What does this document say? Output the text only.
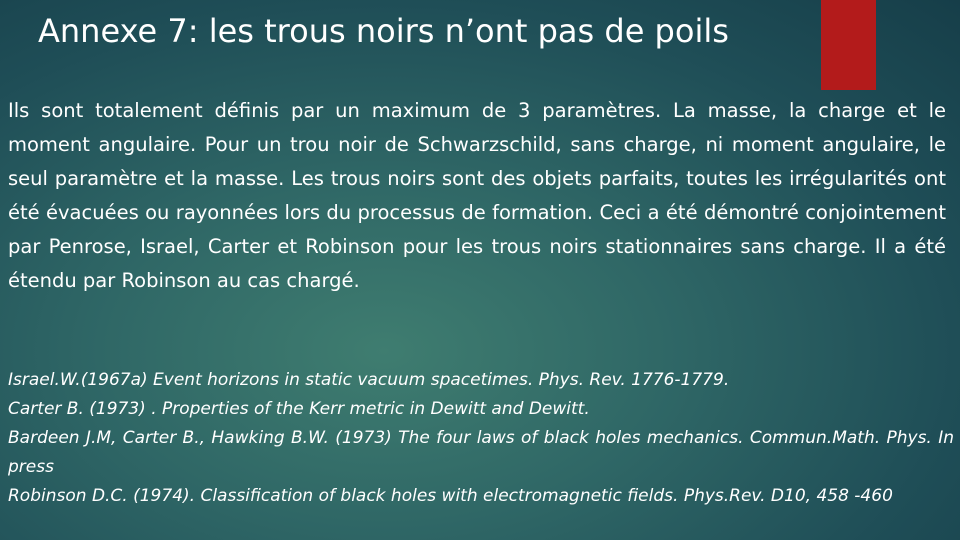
Annexe 7: les trous noirs n’ont pas de poils

Ils sont totalement définis par un maximum de 3 paramètres. La masse, la charge et le moment angulaire. Pour un trou noir de Schwarzschild, sans charge, ni moment angulaire, le seul paramètre et la masse. Les trous noirs sont des objets parfaits, toutes les irrégularités ont été évacuées ou rayonnées lors du processus de formation. Ceci a été démontré conjointement par Penrose, Israel, Carter et Robinson pour les trous noirs stationnaires sans charge. Il a été étendu par Robinson au cas chargé.

Israel.W.(1967a) Event horizons in static vacuum spacetimes. Phys. Rev. 1776-1779.
Carter B. (1973) . Properties of the Kerr metric in Dewitt and Dewitt.
Bardeen J.M, Carter B., Hawking B.W. (1973) The four laws of black holes mechanics. Commun.Math. Phys. In press
Robinson D.C. (1974). Classification of black holes with electromagnetic fields. Phys.Rev. D10, 458 -460
